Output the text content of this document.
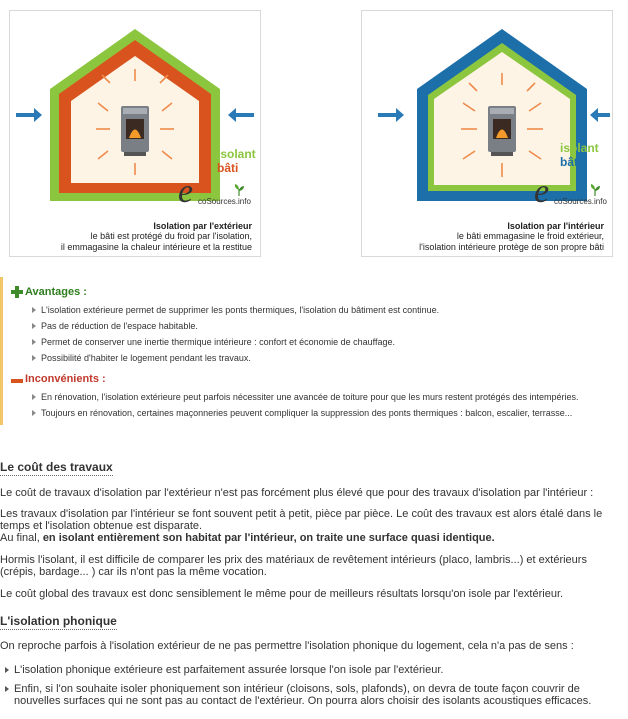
isolant
bâti
e coSources.info
Isolation par l'extérieur
le bâti est protégé du froid par l'isolation,
il emmagasine la chaleur intérieure et la restitue
isolant
bâti
e coSources.info
Isolation par l'intérieur
le bâti emmagasine le froid extérieur,
l'isolation intérieure protège de son propre bâti
Avantages :
L'isolation extérieure permet de supprimer les ponts thermiques, l'isolation du bâtiment est continue.
Pas de réduction de l'espace habitable.
Permet de conserver une inertie thermique intérieure : confort et économie de chauffage.
Possibilité d'habiter le logement pendant les travaux.
Inconvénients :
En rénovation, l'isolation extérieure peut parfois nécessiter une avancée de toiture pour que les murs restent protégés des intempéries.
Toujours en rénovation, certaines maçonneries peuvent compliquer la suppression des ponts thermiques : balcon, escalier, terrasse...
Le coût des travaux
Le coût de travaux d'isolation par l'extérieur n'est pas forcément plus élevé que pour des travaux d'isolation par l'intérieur :
Les travaux d'isolation par l'intérieur se font souvent petit à petit, pièce par pièce. Le coût des travaux est alors étalé dans le temps et l'isolation obtenue est disparate.
Au final, en isolant entièrement son habitat par l'intérieur, on traite une surface quasi identique.
Hormis l'isolant, il est difficile de comparer les prix des matériaux de revêtement intérieurs (placo, lambris...) et extérieurs (crépis, bardage... ) car ils n'ont pas la même vocation.
Le coût global des travaux est donc sensiblement le même pour de meilleurs résultats lorsqu'on isole par l'extérieur.
L'isolation phonique
On reproche parfois à l'isolation extérieur de ne pas permettre l'isolation phonique du logement, cela n'a pas de sens :
L'isolation phonique extérieure est parfaitement assurée lorsque l'on isole par l'extérieur.
Enfin, si l'on souhaite isoler phoniquement son intérieur (cloisons, sols, plafonds), on devra de toute façon couvrir de nouvelles surfaces qui ne sont pas au contact de l'extérieur. On pourra alors choisir des isolants acoustiques efficaces.
